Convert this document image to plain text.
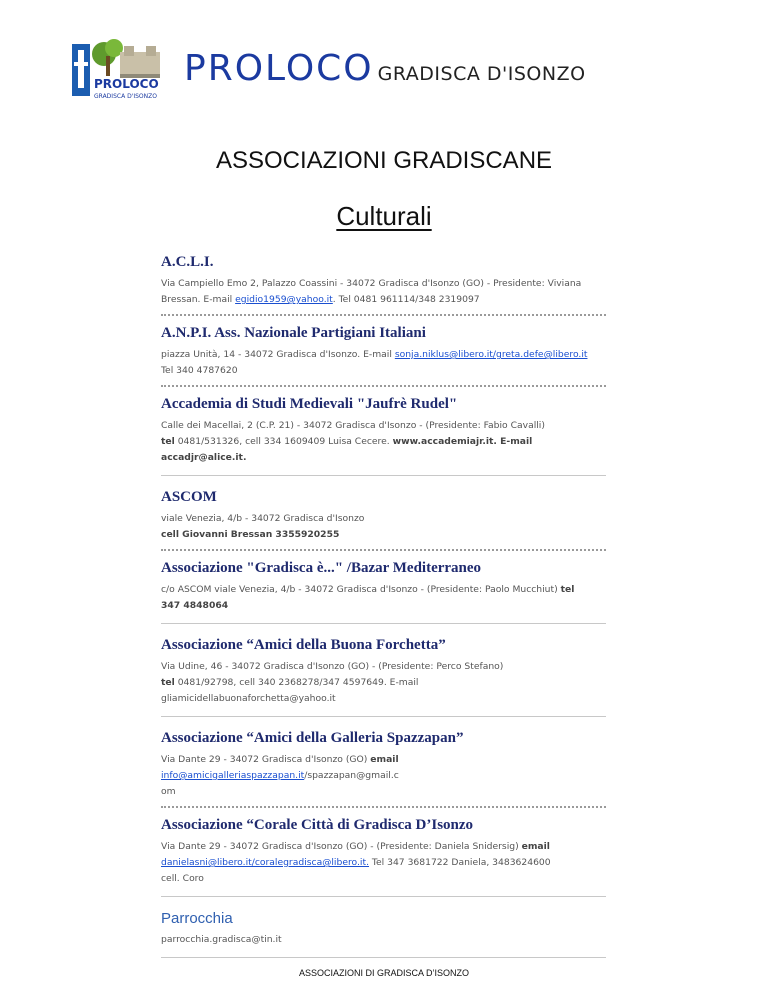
PROLOCO
GRADISCA D'ISONZO
PROLOCO GRADISCA D'ISONZO
ASSOCIAZIONI GRADISCANE
Culturali
A.C.L.I.
Via Campiello Emo 2, Palazzo Coassini - 34072 Gradisca d'Isonzo (GO) - Presidente: Viviana
Bressan. E-mail egidio1959@yahoo.it. Tel 0481 961114/348 2319097
A.N.P.I. Ass. Nazionale Partigiani Italiani
piazza Unità, 14 - 34072 Gradisca d'Isonzo. E-mail sonja.niklus@libero.it/greta.defe@libero.it
Tel 340 4787620
Accademia di Studi Medievali "Jaufrè Rudel"
Calle dei Macellai, 2 (C.P. 21) - 34072 Gradisca d'Isonzo - (Presidente: Fabio Cavalli)
tel 0481/531326, cell 334 1609409 Luisa Cecere. www.accademiajr.it. E-mail
accadjr@alice.it.
ASCOM
viale Venezia, 4/b - 34072 Gradisca d'Isonzo
cell Giovanni Bressan 3355920255
Associazione "Gradisca è..." /Bazar Mediterraneo
c/o ASCOM viale Venezia, 4/b - 34072 Gradisca d'Isonzo - (Presidente: Paolo Mucchiut) tel
347 4848064
Associazione “Amici della Buona Forchetta”
Via Udine, 46 - 34072 Gradisca d'Isonzo (GO) - (Presidente: Perco Stefano)
tel 0481/92798, cell 340 2368278/347 4597649. E-mail
gliamicidellabuonaforchetta@yahoo.it
Associazione “Amici della Galleria Spazzapan”
Via Dante 29 - 34072 Gradisca d'Isonzo (GO) email
info@amicigalleriaspazzapan.it/spazzapan@gmail.c
om
Associazione “Corale Città di Gradisca D’Isonzo
Via Dante 29 - 34072 Gradisca d'Isonzo (GO) - (Presidente: Daniela Snidersig) email
danielasni@libero.it/coralegradisca@libero.it. Tel 347 3681722 Daniela, 3483624600
cell. Coro
Parrocchia
parrocchia.gradisca@tin.it
ASSOCIAZIONI DI GRADISCA D’ISONZO
